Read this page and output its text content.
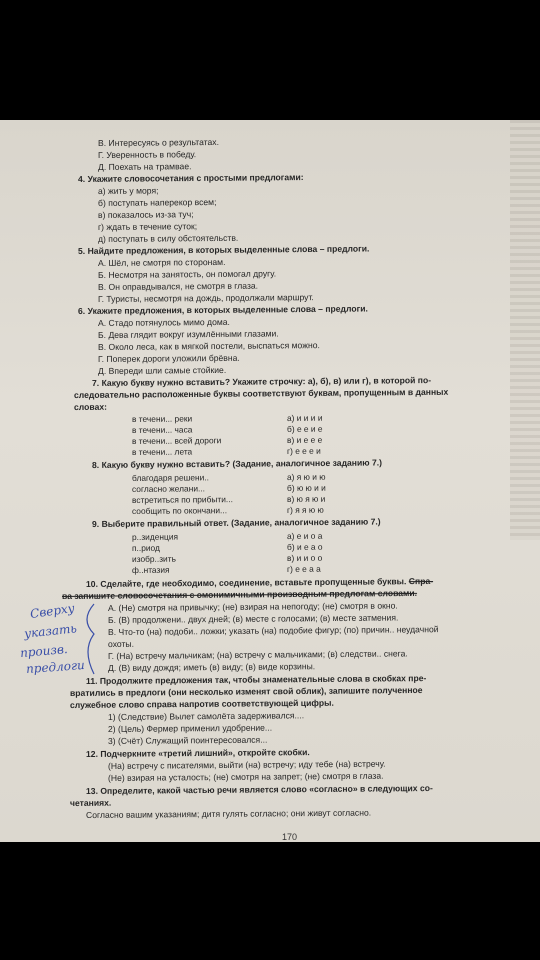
В. Интересуясь о результатах.
Г. Уверенность в победу.
Д. Поехать на трамвае.
4. Укажите словосочетания с простыми предлогами:
а) жить у моря;
б) поступать наперекор всем;
в) показалось из-за туч;
г) ждать в течение суток;
д) поступать в силу обстоятельств.
5. Найдите предложения, в которых выделенные слова – предлоги.
А. Шёл, не смотря по сторонам.
Б. Несмотря на занятость, он помогал другу.
В. Он оправдывался, не смотря в глаза.
Г. Туристы, несмотря на дождь, продолжали маршрут.
6. Укажите предложения, в которых выделенные слова – предлоги.
А. Стадо потянулось мимо дома.
Б. Дева глядит вокруг изумлёнными глазами.
В. Около леса, как в мягкой постели, выспаться можно.
Г. Поперек дороги уложили брёвна.
Д. Впереди шли самые стойкие.
7. Какую букву нужно вставить? Укажите строчку: а), б), в) или г), в которой по-
следовательно расположенные буквы соответствуют буквам, пропущенным в данных
словах:
в течени... реки
в течени... часа
в течени... всей дороги
в течени... лета
а) и и и и
б) е е и е
в) и е е е
г) е е е и
8. Какую букву нужно вставить? (Задание, аналогичное заданию 7.)
благодаря решени..
согласно желани...
встретиться по прибыти...
сообщить по окончани...
а) я ю и ю
б) ю ю и и
в) ю я ю и
г) я я ю ю
9. Выберите правильный ответ. (Задание, аналогичное заданию 7.)
р..зиденция
п..риод
изобр..зить
ф..нтазия
а) е и о а
б) и е а о
в) и и о о
г) е е а а
10. Сделайте, где необходимо, соединение, вставьте пропущенные буквы. Спра-
ва запишите словосочетания с омонимичными производным предлогам словами.
А. (Не) смотря на привычку; (не) взирая на непогоду; (не) смотря в окно.
Б. (В) продолжени.. двух дней; (в) месте с голосами; (в) месте затмения.
В. Что-то (на) подоби.. ложки; указать (на) подобие фигур; (по) причин.. неудачной
охоты.
Г. (На) встречу мальчикам; (на) встречу с мальчиками; (в) следстви.. снега.
Д. (В) виду дождя; иметь (в) виду; (в) виде корзины.
11. Продолжите предложения так, чтобы знаменательные слова в скобках пре-
вратились в предлоги (они несколько изменят свой облик), запишите полученное
служебное слово справа напротив соответствующей цифры.
1) (Следствие) Вылет самолёта задерживался....
2) (Цель) Фермер применил удобрение...
3) (Счёт) Служащий поинтересовался...
12. Подчеркните «третий лишний», откройте скобки.
(На) встречу с писателями, выйти (на) встречу; иду тебе (на) встречу.
(Не) взирая на усталость; (не) смотря на запрет; (не) смотря в глаза.
13. Определите, какой частью речи является слово «согласно» в следующих со-
четаниях.
Согласно вашим указаниям; дитя гулять согласно; они живут согласно.
Сверху
указать
произв.
предлоги
170
